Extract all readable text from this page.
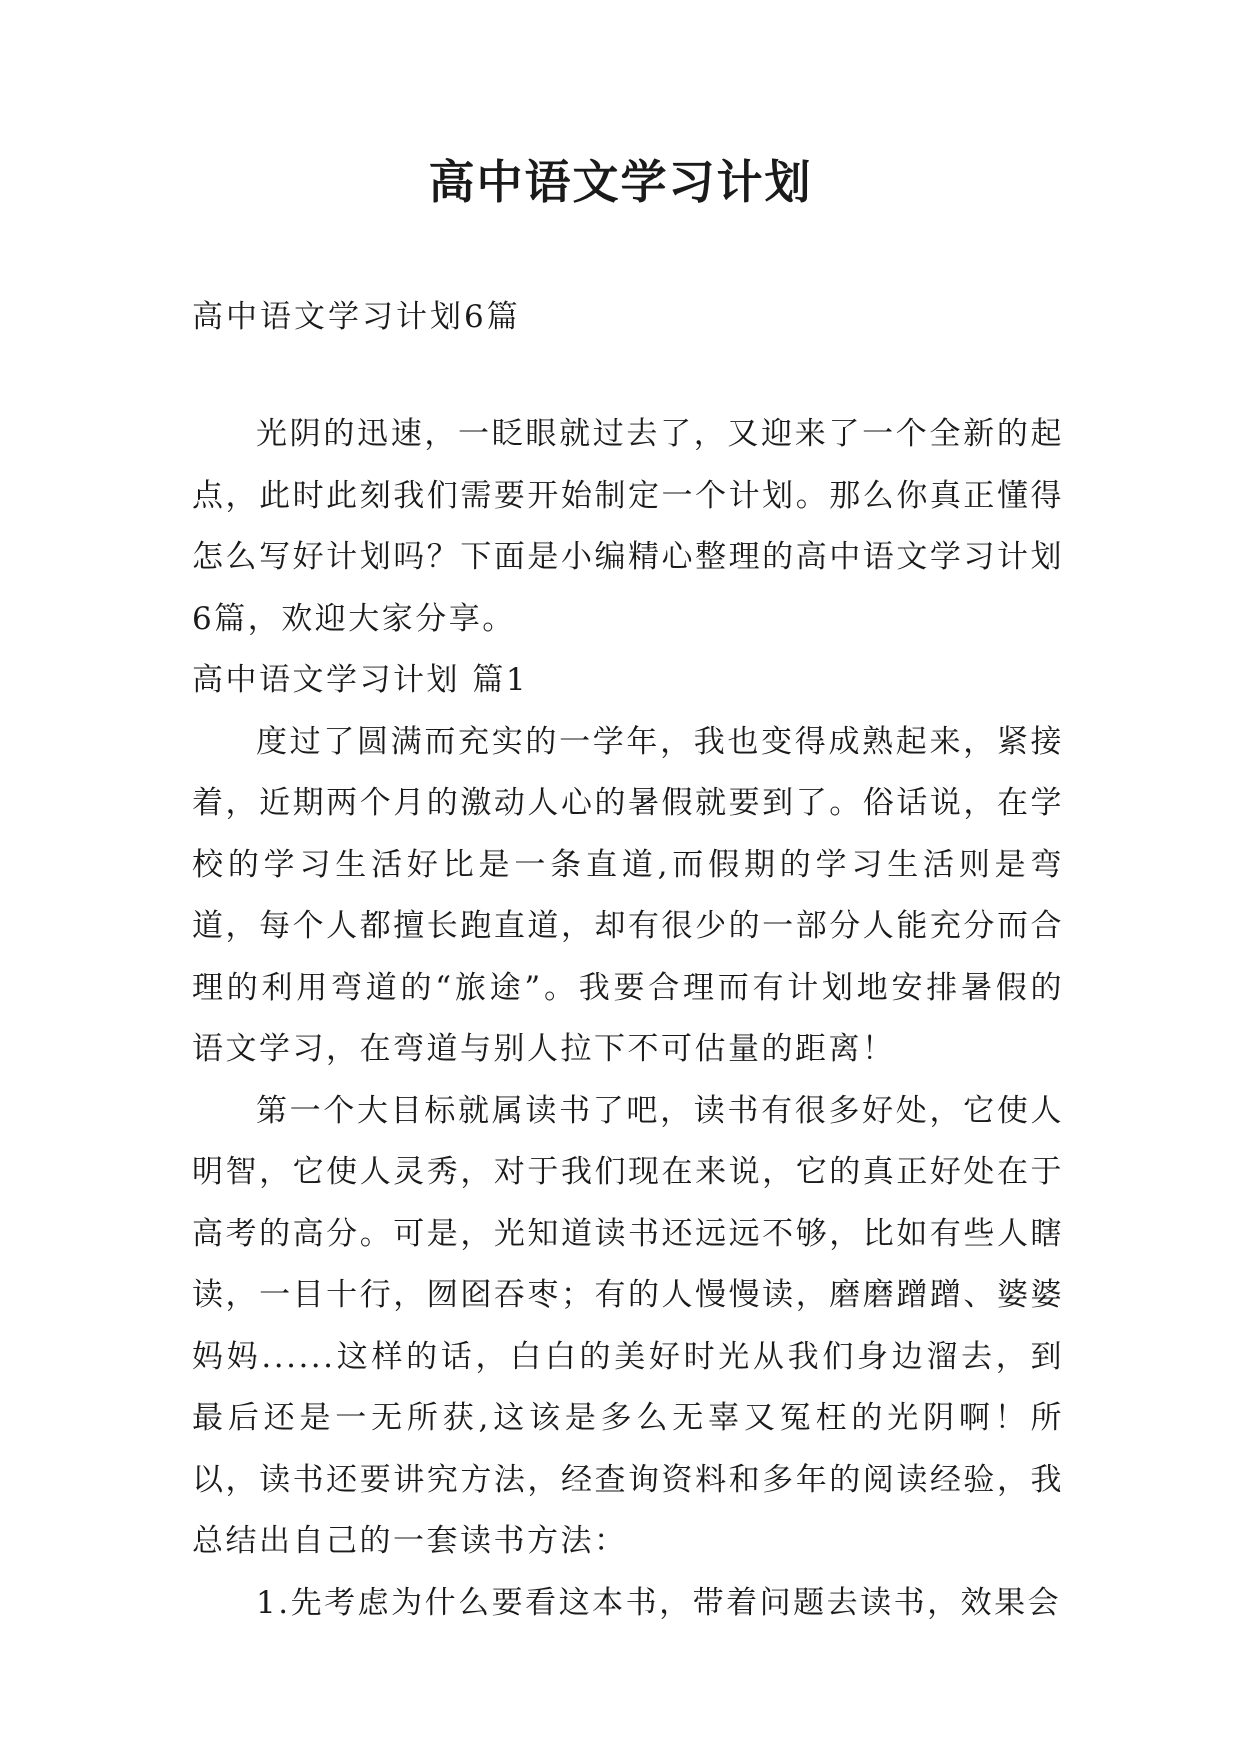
高中语文学习计划
高中语文学习计划6篇

光阴的迅速，一眨眼就过去了，又迎来了一个全新的起点，此时此刻我们需要开始制定一个计划。那么你真正懂得怎么写好计划吗？下面是小编精心整理的高中语文学习计划6篇，欢迎大家分享。

高中语文学习计划 篇1

度过了圆满而充实的一学年，我也变得成熟起来，紧接着，近期两个月的激动人心的暑假就要到了。俗话说，在学校的学习生活好比是一条直道,而假期的学习生活则是弯道，每个人都擅长跑直道，却有很少的一部分人能充分而合理的利用弯道的“旅途”。我要合理而有计划地安排暑假的语文学习，在弯道与别人拉下不可估量的距离！

第一个大目标就属读书了吧，读书有很多好处，它使人明智，它使人灵秀，对于我们现在来说，它的真正好处在于高考的高分。可是，光知道读书还远远不够，比如有些人瞎读，一目十行，囫囵吞枣；有的人慢慢读，磨磨蹭蹭、婆婆妈妈......这样的话，白白的美好时光从我们身边溜去，到最后还是一无所获,这该是多么无辜又冤枉的光阴啊！所以，读书还要讲究方法，经查询资料和多年的阅读经验，我总结出自己的一套读书方法：

1.先考虑为什么要看这本书，带着问题去读书，效果会
